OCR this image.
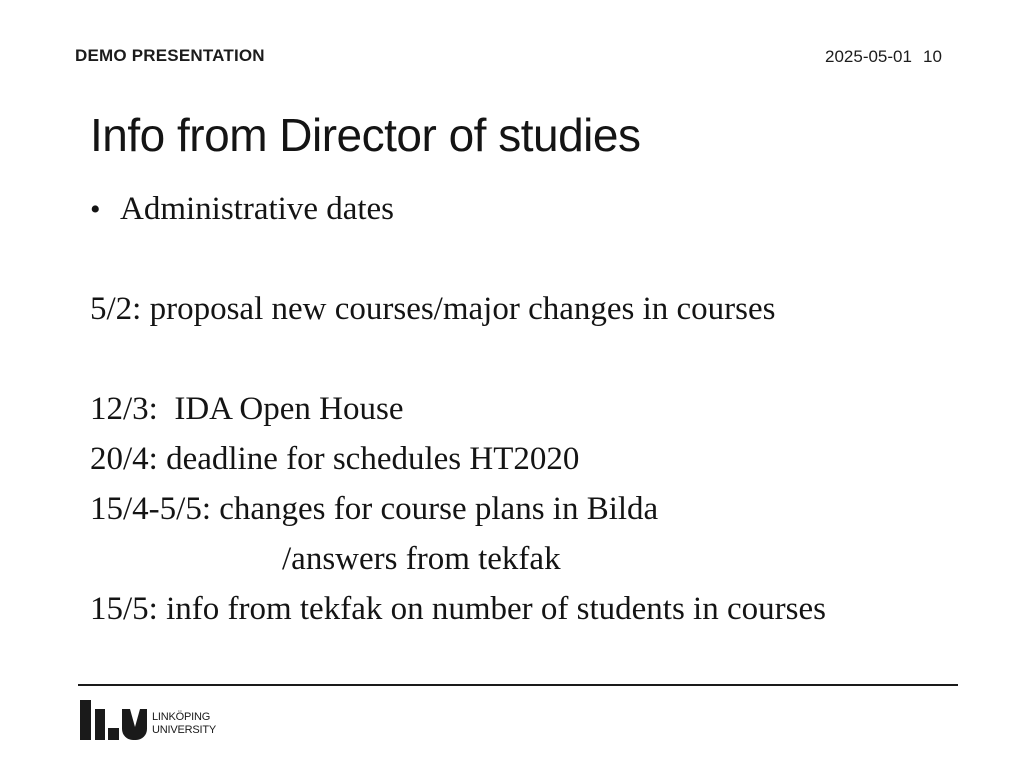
DEMO PRESENTATION	2025-05-01 10
Info from Director of studies
• Administrative dates
5/2: proposal new courses/major changes in courses
12/3:  IDA Open House
20/4: deadline for schedules HT2020
15/4-5/5: changes for course plans in Bilda
/answers from tekfak
15/5: info from tekfak on number of students in courses
LINKÖPING
UNIVERSITY
